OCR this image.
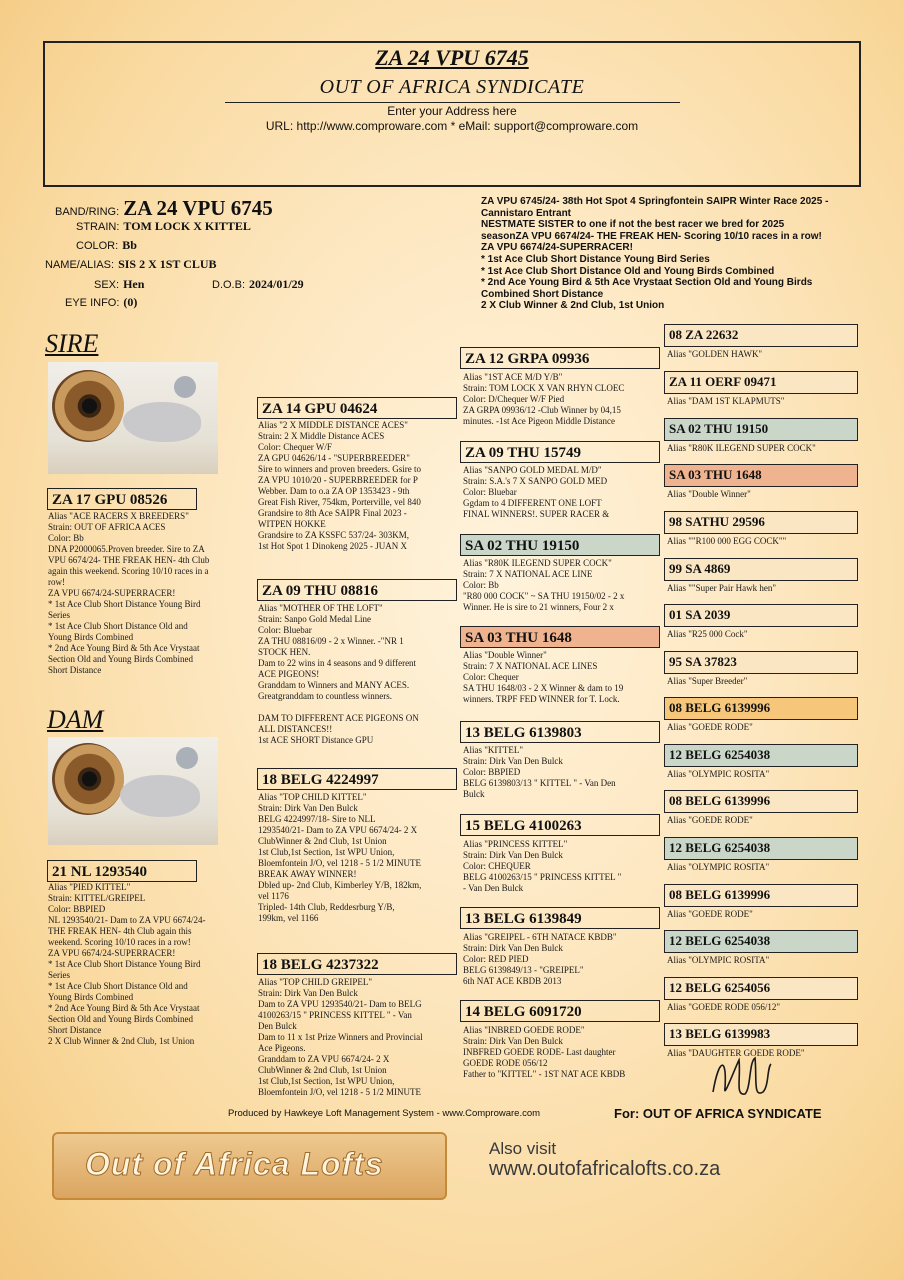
ZA 24 VPU 6745
OUT OF AFRICA SYNDICATE
Enter your Address here
URL: http://www.comproware.com * eMail: support@comproware.com
BAND/RING: ZA 24 VPU 6745
STRAIN: TOM LOCK X KITTEL
COLOR: Bb
NAME/ALIAS: SIS 2 X 1ST CLUB
SEX: Hen	D.O.B: 2024/01/29
EYE INFO: (0)
ZA VPU 6745/24- 38th Hot Spot 4 Springfontein SAIPR Winter Race 2025 -
Cannistaro Entrant
NESTMATE SISTER to one if not the best racer we bred for 2025
seasonZA VPU 6674/24- THE FREAK HEN- Scoring 10/10 races in a row!
ZA VPU 6674/24-SUPERRACER!
* 1st Ace Club Short Distance Young Bird Series
* 1st Ace Club Short Distance Old and Young Birds Combined
* 2nd Ace Young Bird & 5th Ace Vrystaat Section Old and Young Birds
Combined Short Distance
2 X Club Winner & 2nd Club, 1st Union
SIRE
ZA 17 GPU 08526
Alias "ACE RACERS X BREEDERS"
Strain: OUT OF AFRICA ACES
Color: Bb
DNA P2000065.Proven breeder. Sire to ZA
VPU 6674/24- THE FREAK HEN- 4th Club
again this weekend. Scoring 10/10 races in a
row!
ZA VPU 6674/24-SUPERRACER!
* 1st Ace Club Short Distance Young Bird
Series
* 1st Ace Club Short Distance Old and
Young Birds Combined
* 2nd Ace Young Bird & 5th Ace Vrystaat
Section Old and Young Birds Combined
Short Distance
DAM
21 NL 1293540
Alias "PIED KITTEL"
Strain: KITTEL/GREIPEL
Color: BBPIED
NL 1293540/21- Dam to ZA VPU 6674/24-
THE FREAK HEN- 4th Club again this
weekend. Scoring 10/10 races in a row!
ZA VPU 6674/24-SUPERRACER!
* 1st Ace Club Short Distance Young Bird
Series
* 1st Ace Club Short Distance Old and
Young Birds Combined
* 2nd Ace Young Bird & 5th Ace Vrystaat
Section Old and Young Birds Combined
Short Distance
2 X Club Winner & 2nd Club, 1st Union
ZA 14 GPU 04624
Alias "2 X MIDDLE DISTANCE ACES"
Strain: 2 X Middle Distance ACES
Color: Chequer W/F
ZA GPU 04626/14 - "SUPERBREEDER"
Sire to winners and proven breeders. Gsire to
ZA VPU 1010/20 - SUPERBREEDER for P
Webber. Dam to o.a ZA OP 1353423 - 9th
Great Fish River, 754km, Porterville, vel 840
Grandsire to 8th Ace SAIPR Final 2023 -
WITPEN HOKKE
Grandsire to ZA KSSFC 537/24- 303KM,
1st Hot Spot 1 Dinokeng 2025 - JUAN X
ZA 09 THU 08816
Alias "MOTHER OF THE LOFT"
Strain: Sanpo Gold Medal Line
Color: Bluebar
ZA THU 08816/09 - 2 x Winner. -"NR 1
STOCK HEN.
Dam to 22 wins in 4 seasons and 9 different
ACE PIGEONS!
Granddam to Winners and MANY ACES.
Greatgranddam to countless winners.

DAM TO DIFFERENT ACE PIGEONS ON
ALL DISTANCES!!
1st ACE SHORT Distance GPU
18 BELG 4224997
Alias "TOP CHILD KITTEL"
Strain: Dirk Van Den Bulck
BELG 4224997/18- Sire to NLL
1293540/21- Dam to ZA VPU 6674/24- 2 X
ClubWinner & 2nd Club, 1st Union
1st Club,1st Section, 1st WPU Union,
Bloemfontein J/O, vel 1218 - 5 1/2 MINUTE
BREAK AWAY WINNER!
Dbled up- 2nd Club, Kimberley Y/B, 182km,
vel 1176
Tripled- 14th Club, Reddesrburg Y/B,
199km, vel 1166
18 BELG 4237322
Alias "TOP CHILD GREIPEL"
Strain: Dirk Van Den Bulck
Dam to ZA VPU 1293540/21- Dam to BELG
4100263/15 " PRINCESS KITTEL " - Van
Den Bulck
Dam to 11 x 1st Prize Winners and Provincial
Ace Pigeons.
Granddam to ZA VPU 6674/24- 2 X
ClubWinner & 2nd Club, 1st Union
1st Club,1st Section, 1st WPU Union,
Bloemfontein J/O, vel 1218 - 5 1/2 MINUTE
ZA 12 GRPA 09936
Alias "1ST ACE M/D Y/B"
Strain: TOM LOCK X VAN RHYN CLOEC
Color: D/Chequer W/F Pied
ZA GRPA 09936/12 -Club Winner by 04,15
minutes. -1st Ace Pigeon Middle Distance
ZA 09 THU 15749
Alias "SANPO GOLD MEDAL M/D"
Strain: S.A.'s 7 X SANPO GOLD MED
Color: Bluebar
Ggdam to 4 DIFFERENT ONE LOFT
FINAL WINNERS!. SUPER RACER &
SA 02 THU 19150
Alias "R80K ILEGEND SUPER COCK"
Strain: 7 X NATIONAL ACE LINE
Color: Bb
"R80 000 COCK" ~ SA THU 19150/02 - 2 x
Winner. He is sire to 21 winners, Four 2 x
SA 03 THU 1648
Alias "Double Winner"
Strain: 7 X NATIONAL ACE LINES
Color: Chequer
SA THU 1648/03 - 2 X Winner & dam to 19
winners. TRPF FED WINNER for T. Lock.
13 BELG 6139803
Alias "KITTEL"
Strain: Dirk Van Den Bulck
Color: BBPIED
BELG 6139803/13 " KITTEL " - Van Den
Bulck
15 BELG 4100263
Alias "PRINCESS KITTEL"
Strain: Dirk Van Den Bulck
Color: CHEQUER
BELG 4100263/15 " PRINCESS KITTEL "
- Van Den Bulck
13 BELG 6139849
Alias "GREIPEL - 6TH NATACE KBDB"
Strain: Dirk Van Den Bulck
Color: RED PIED
BELG 6139849/13 - "GREIPEL"
6th NAT ACE KBDB 2013
14 BELG 6091720
Alias "INBRED GOEDE RODE"
Strain: Dirk Van Den Bulck
INBFRED GOEDE RODE- Last daughter
GOEDE RODE 056/12
Father to "KITTEL" - 1ST NAT ACE KBDB
08 ZA 22632
Alias "GOLDEN HAWK"
ZA 11 OERF 09471
Alias "DAM 1ST KLAPMUTS"
SA 02 THU 19150
Alias "R80K ILEGEND SUPER COCK"
SA 03 THU 1648
Alias "Double Winner"
98 SATHU 29596
Alias ""R100 000 EGG COCK""
99 SA 4869
Alias ""Super Pair Hawk hen"
01 SA 2039
Alias "R25 000 Cock"
95 SA 37823
Alias "Super Breeder"
08 BELG 6139996
Alias "GOEDE RODE"
12 BELG 6254038
Alias "OLYMPIC ROSITA"
08 BELG 6139996
Alias "GOEDE RODE"
12 BELG 6254038
Alias "OLYMPIC ROSITA"
08 BELG 6139996
Alias "GOEDE RODE"
12 BELG 6254038
Alias "OLYMPIC ROSITA"
12 BELG 6254056
Alias "GOEDE RODE 056/12"
13 BELG 6139983
Alias "DAUGHTER GOEDE RODE"
Produced by Hawkeye Loft Management System - www.Comproware.com	For: OUT OF AFRICA SYNDICATE
Out of Africa Lofts	Also visit
www.outofafricalofts.co.za
